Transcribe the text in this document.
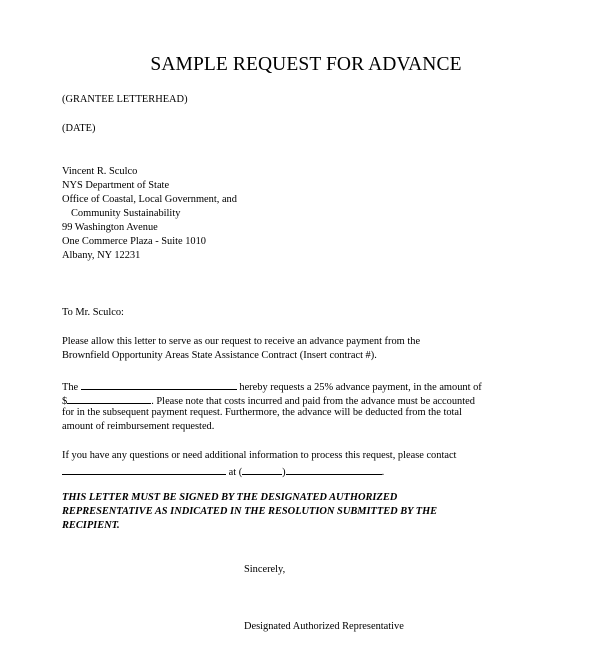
SAMPLE REQUEST FOR ADVANCE
(GRANTEE LETTERHEAD)
(DATE)
Vincent R. Sculco
NYS Department of State
Office of Coastal, Local Government, and
Community Sustainability
99 Washington Avenue
One Commerce Plaza - Suite 1010
Albany, NY 12231
To Mr. Sculco:
Please allow this letter to serve as our request to receive an advance payment from the
Brownfield Opportunity Areas State Assistance Contract (Insert contract #).
The	hereby requests a 25% advance payment, in the amount of
$	. Please note that costs incurred and paid from the advance must be accounted
for in the subsequent payment request. Furthermore, the advance will be deducted from the total
amount of reimbursement requested.
If you have any questions or need additional information to process this request, please contact
at (	)	.
THIS LETTER MUST BE SIGNED BY THE DESIGNATED AUTHORIZED
REPRESENTATIVE AS INDICATED IN THE RESOLUTION SUBMITTED BY THE
RECIPIENT.
Sincerely,
Designated Authorized Representative
